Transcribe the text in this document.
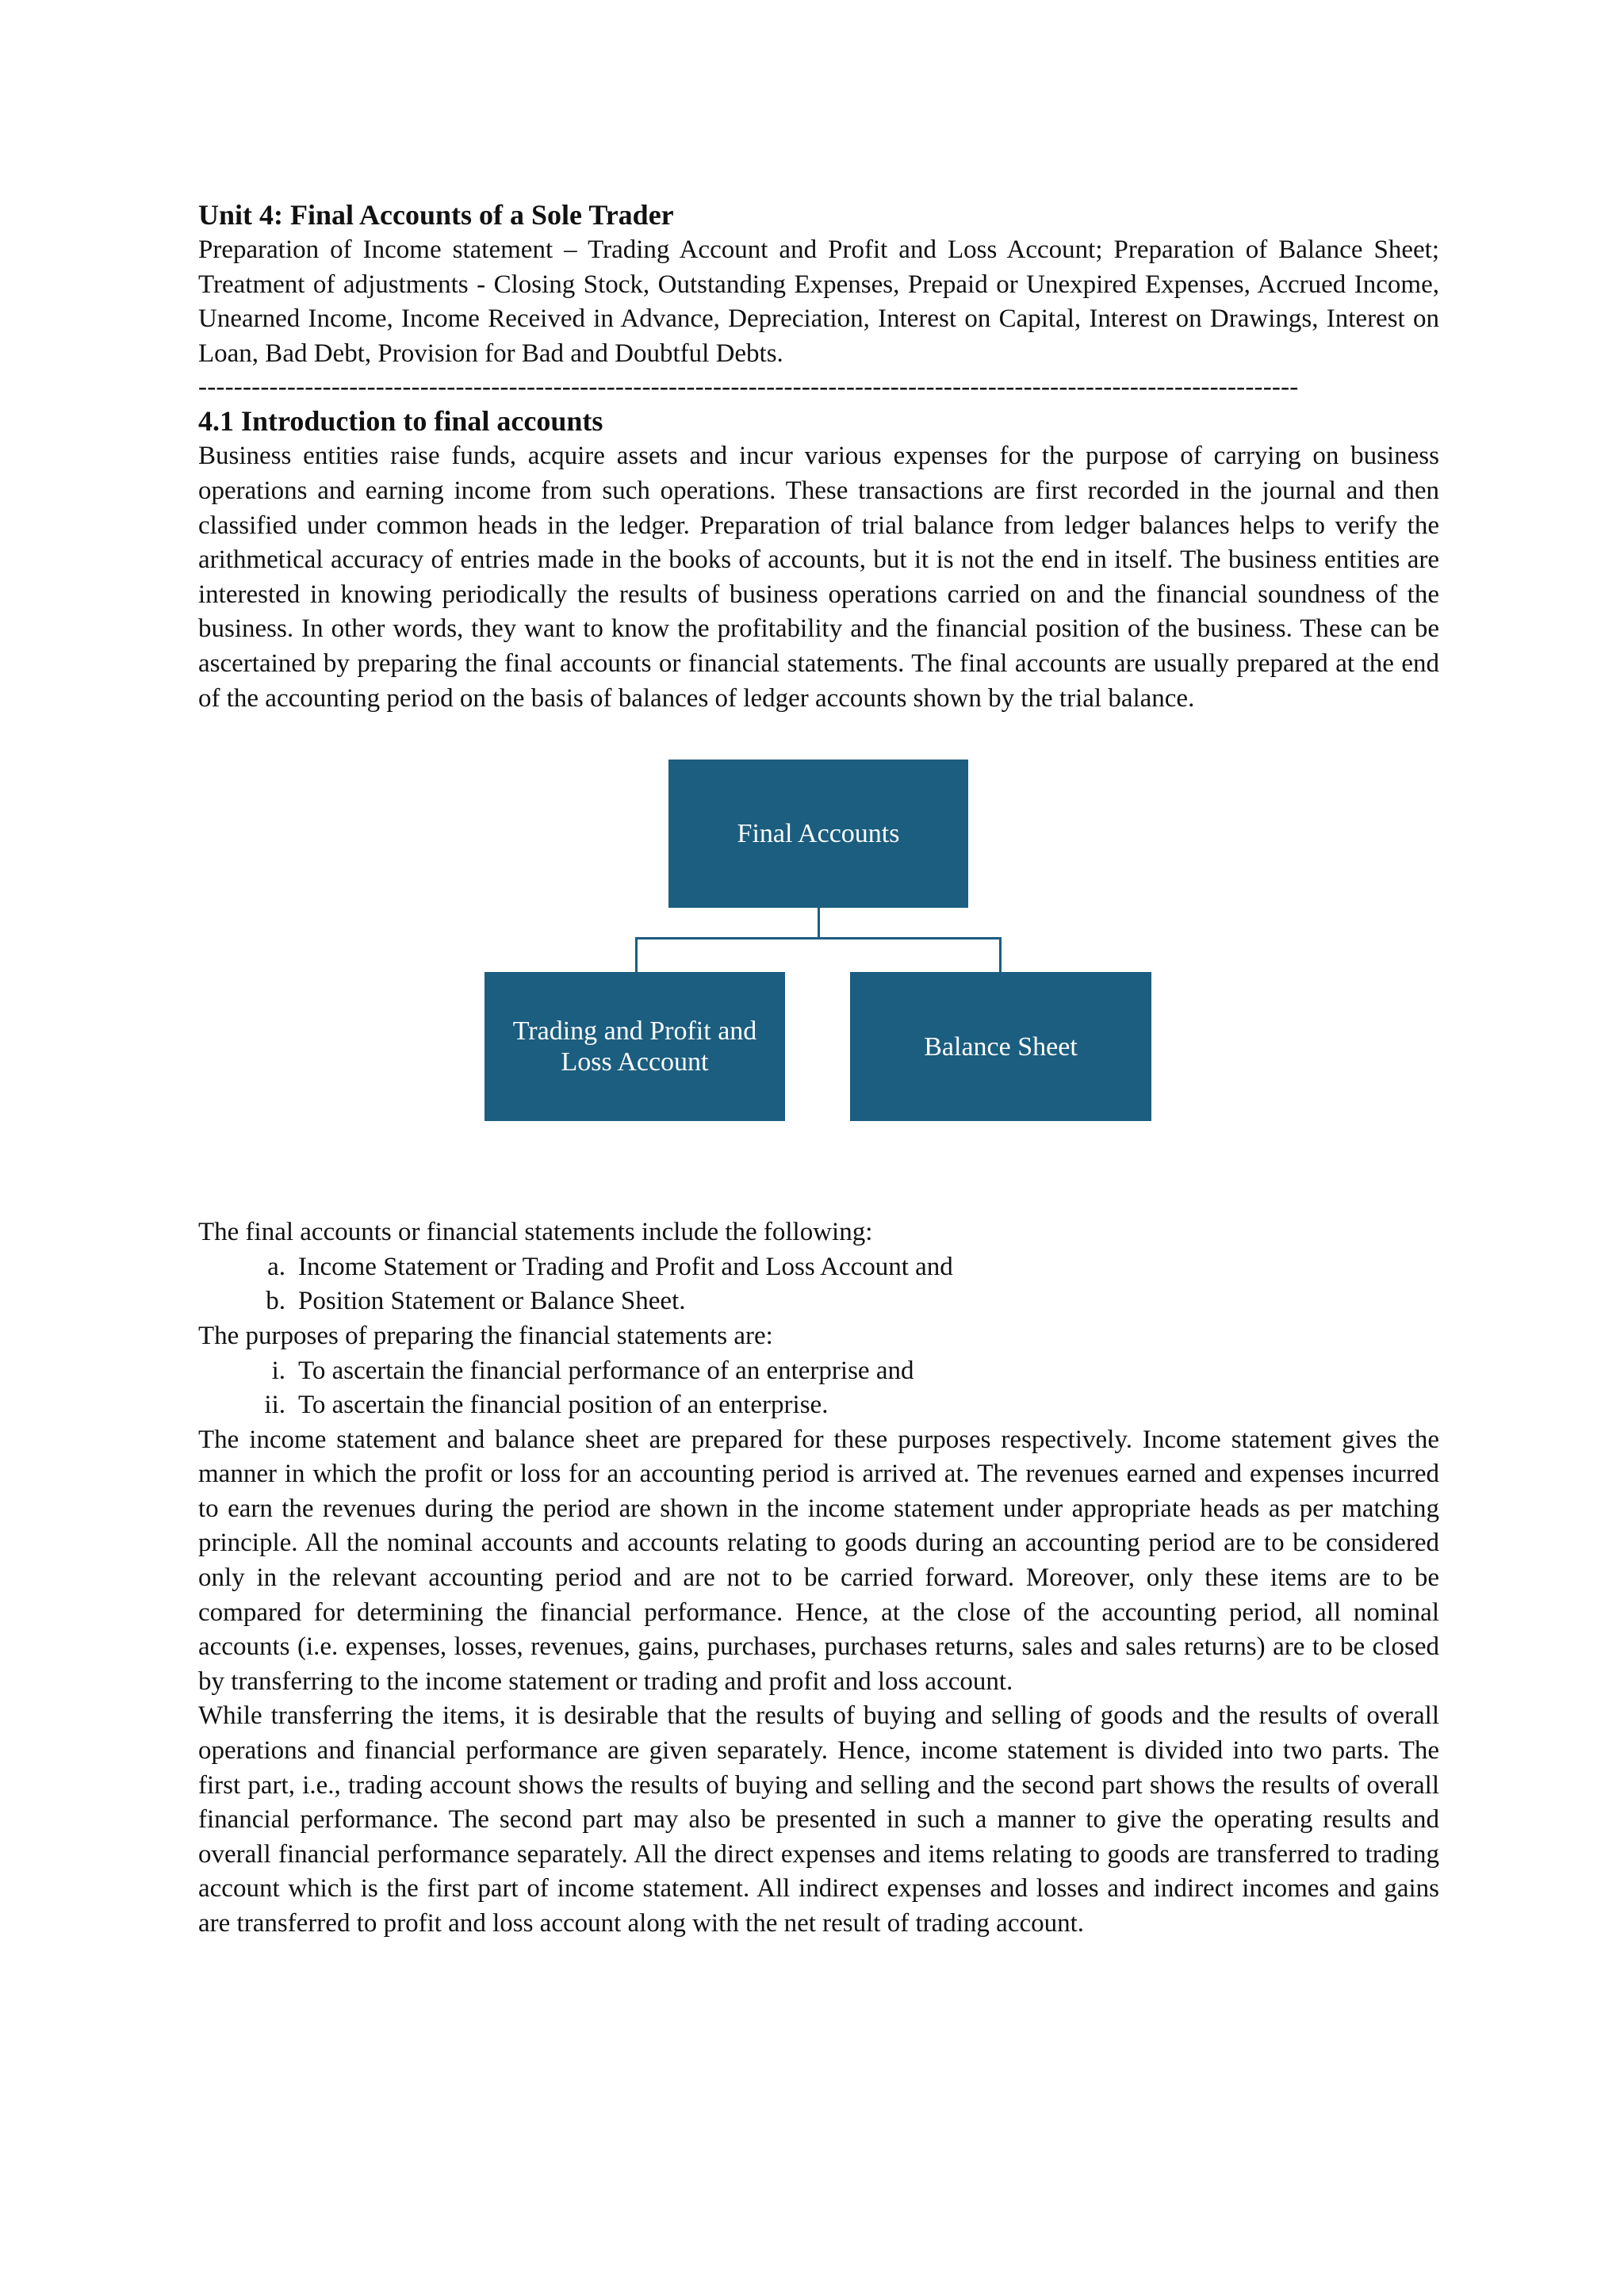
Unit 4: Final Accounts of a Sole Trader

Preparation of Income statement – Trading Account and Profit and Loss Account; Preparation of Balance Sheet; Treatment of adjustments - Closing Stock, Outstanding Expenses, Prepaid or Unexpired Expenses, Accrued Income, Unearned Income, Income Received in Advance, Depreciation, Interest on Capital, Interest on Drawings, Interest on Loan, Bad Debt, Provision for Bad and Doubtful Debts.

----------------------------------------------------------------------------------------------------------------------------
4.1 Introduction to final accounts

Business entities raise funds, acquire assets and incur various expenses for the purpose of carrying on business operations and earning income from such operations. These transactions are first recorded in the journal and then classified under common heads in the ledger. Preparation of trial balance from ledger balances helps to verify the arithmetical accuracy of entries made in the books of accounts, but it is not the end in itself. The business entities are interested in knowing periodically the results of business operations carried on and the financial soundness of the business. In other words, they want to know the profitability and the financial position of the business. These can be ascertained by preparing the final accounts or financial statements. The final accounts are usually prepared at the end of the accounting period on the basis of balances of ledger accounts shown by the trial balance.

Final Accounts
Trading and Profit and Loss Account
Balance Sheet

The final accounts or financial statements include the following:

a. Income Statement or Trading and Profit and Loss Account and
b. Position Statement or Balance Sheet.

The purposes of preparing the financial statements are:

i. To ascertain the financial performance of an enterprise and
ii. To ascertain the financial position of an enterprise.

The income statement and balance sheet are prepared for these purposes respectively. Income statement gives the manner in which the profit or loss for an accounting period is arrived at. The revenues earned and expenses incurred to earn the revenues during the period are shown in the income statement under appropriate heads as per matching principle. All the nominal accounts and accounts relating to goods during an accounting period are to be considered only in the relevant accounting period and are not to be carried forward. Moreover, only these items are to be compared for determining the financial performance. Hence, at the close of the accounting period, all nominal accounts (i.e. expenses, losses, revenues, gains, purchases, purchases returns, sales and sales returns) are to be closed by transferring to the income statement or trading and profit and loss account.

While transferring the items, it is desirable that the results of buying and selling of goods and the results of overall operations and financial performance are given separately. Hence, income statement is divided into two parts. The first part, i.e., trading account shows the results of buying and selling and the second part shows the results of overall financial performance. The second part may also be presented in such a manner to give the operating results and overall financial performance separately. All the direct expenses and items relating to goods are transferred to trading account which is the first part of income statement. All indirect expenses and losses and indirect incomes and gains are transferred to profit and loss account along with the net result of trading account.
